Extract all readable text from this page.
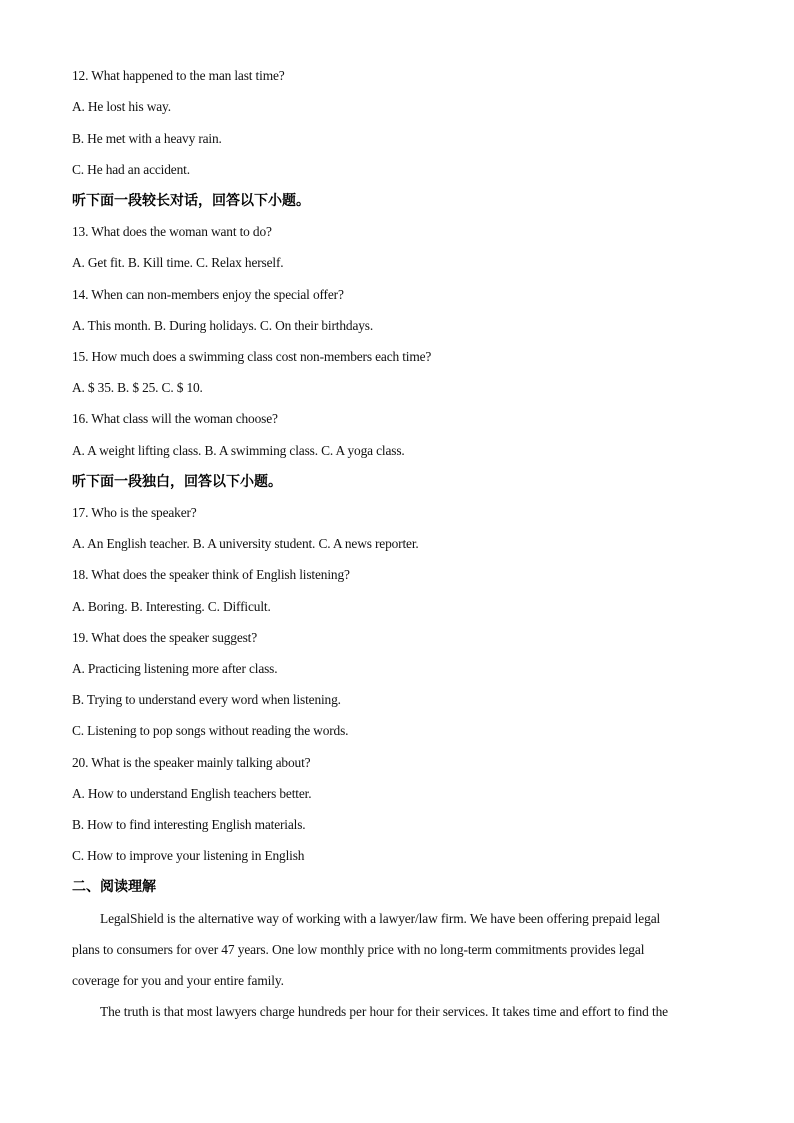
12. What happened to the man last time?
A. He lost his way.
B. He met with a heavy rain.
C. He had an accident.
听下面一段较长对话，回答以下小题。
13. What does the woman want to do?
A. Get fit. B. Kill time. C. Relax herself.
14. When can non-members enjoy the special offer?
A. This month. B. During holidays. C. On their birthdays.
15. How much does a swimming class cost non-members each time?
A. $ 35. B. $ 25. C. $ 10.
16. What class will the woman choose?
A. A weight lifting class. B. A swimming class. C. A yoga class.
听下面一段独白，回答以下小题。
17. Who is the speaker?
A. An English teacher. B. A university student. C. A news reporter.
18. What does the speaker think of English listening?
A. Boring. B. Interesting. C. Difficult.
19. What does the speaker suggest?
A. Practicing listening more after class.
B. Trying to understand every word when listening.
C. Listening to pop songs without reading the words.
20. What is the speaker mainly talking about?
A. How to understand English teachers better.
B. How to find interesting English materials.
C. How to improve your listening in English
二、阅读理解
LegalShield is the alternative way of working with a lawyer/law firm. We have been offering prepaid legal
plans to consumers for over 47 years. One low monthly price with no long-term commitments provides legal
coverage for you and your entire family.
The truth is that most lawyers charge hundreds per hour for their services. It takes time and effort to find the
